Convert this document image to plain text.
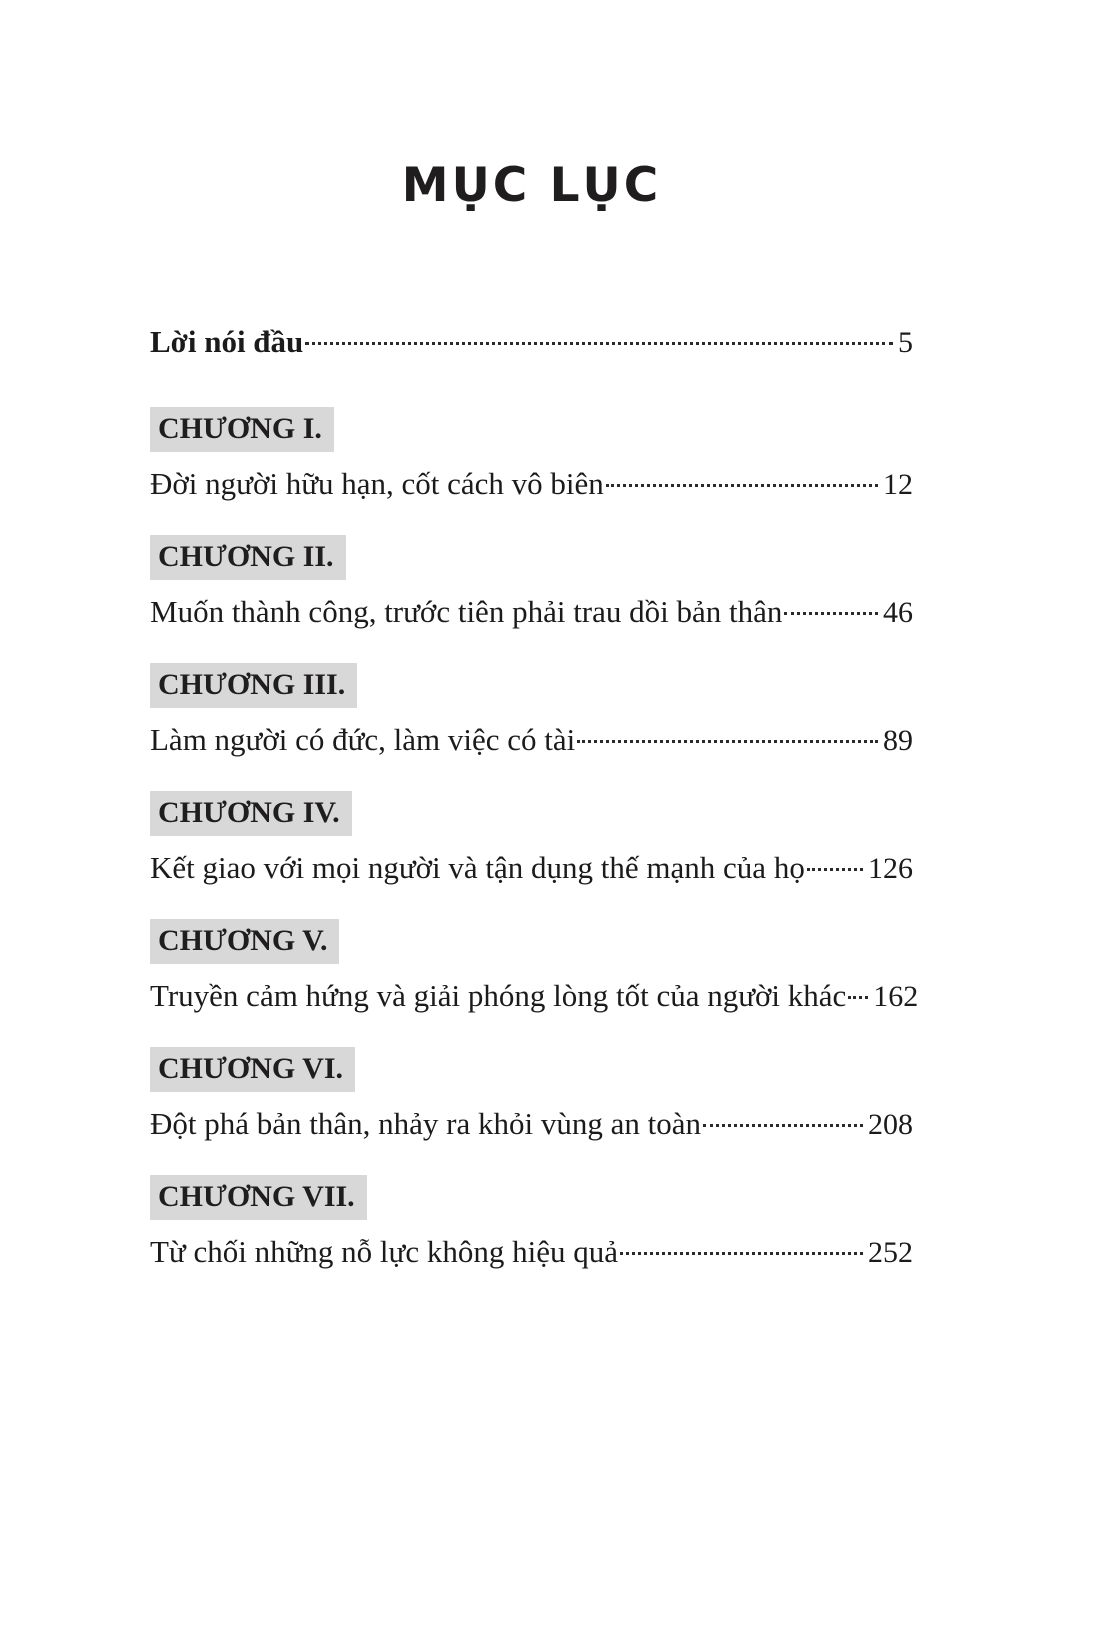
MỤC LỤC
Lời nói đầu	5
CHƯƠNG I.
Đời người hữu hạn, cốt cách vô biên	12
CHƯƠNG II.
Muốn thành công, trước tiên phải trau dồi bản thân	46
CHƯƠNG III.
Làm người có đức, làm việc có tài	89
CHƯƠNG IV.
Kết giao với mọi người và tận dụng thế mạnh của họ 126
CHƯƠNG V.
Truyền cảm hứng và giải phóng lòng tốt của người khác 162
CHƯƠNG VI.
Đột phá bản thân, nhảy ra khỏi vùng an toàn	208
CHƯƠNG VII.
Từ chối những nỗ lực không hiệu quả	252
